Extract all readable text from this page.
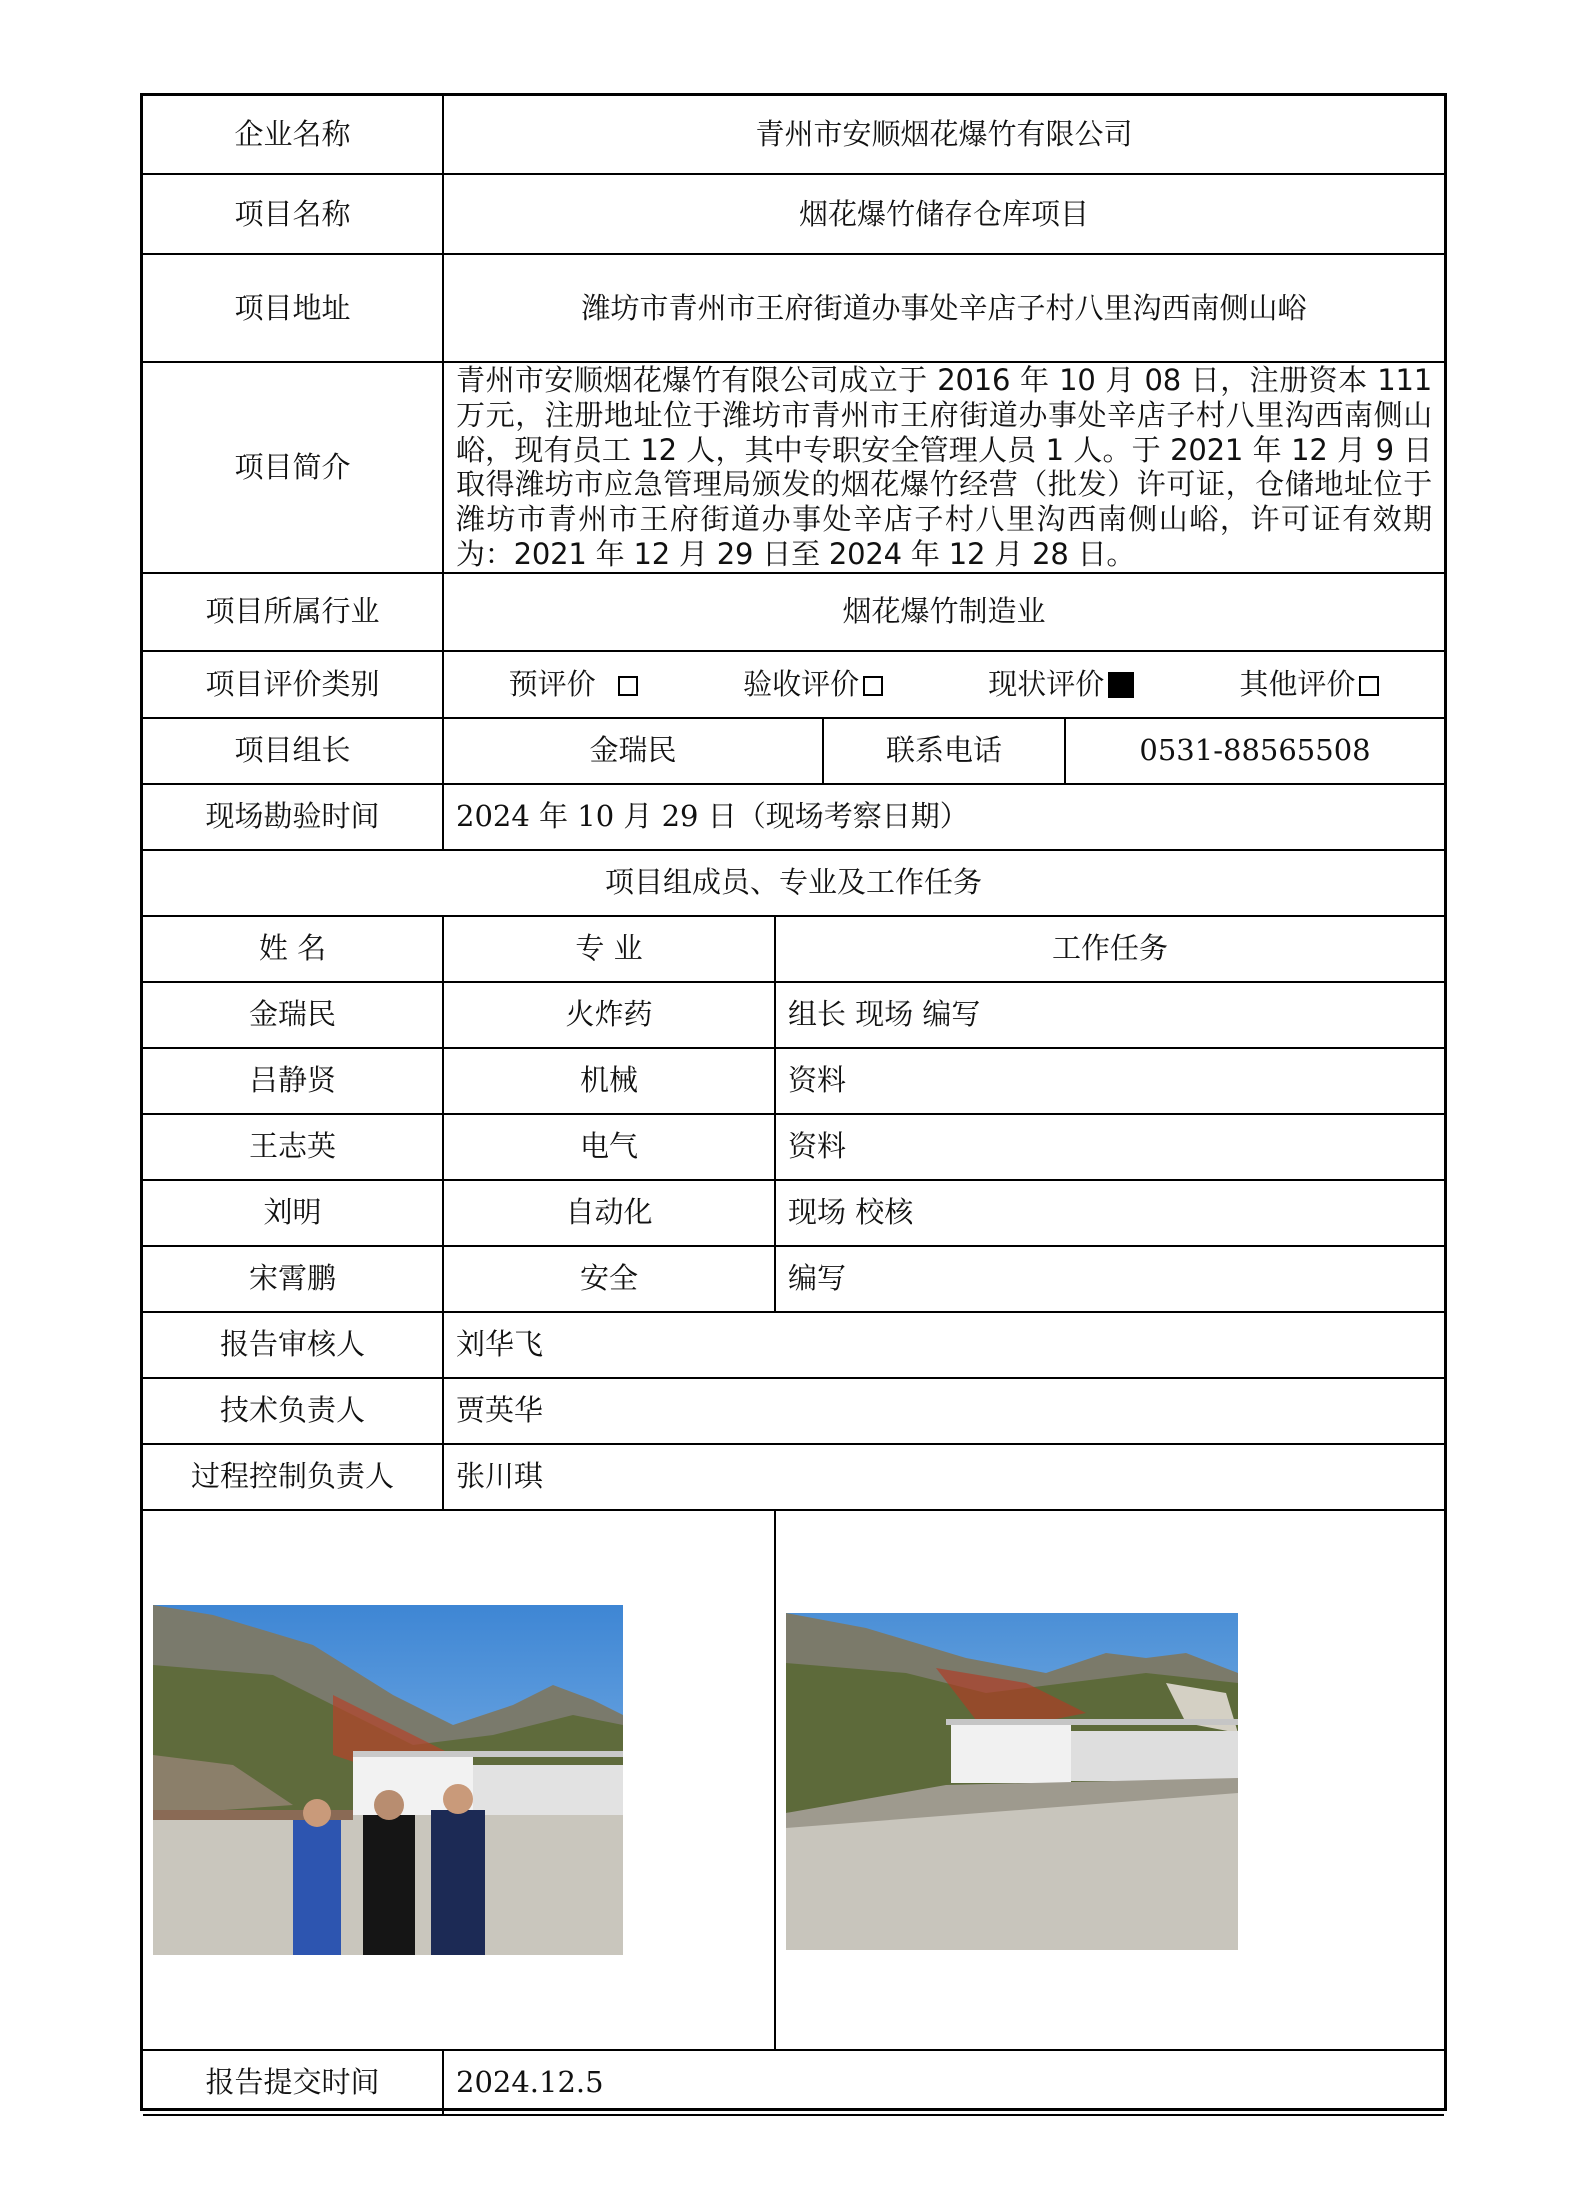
企业名称	青州市安顺烟花爆竹有限公司			
项目名称	烟花爆竹储存仓库项目			
项目地址	潍坊市青州市王府街道办事处辛店子村八里沟西南侧山峪			
项目简介	青州市安顺烟花爆竹有限公司成立于 2016 年 10 月 08 日，注册资本 111 万元，注册地址位于潍坊市青州市王府街道办事处辛店子村八里沟西南侧山峪，现有员工 12 人，其中专职安全管理人员 1 人。于 2021 年 12 月 9 日取得潍坊市应急管理局颁发的烟花爆竹经营（批发）许可证，仓储地址位于潍坊市青州市王府街道办事处辛店子村八里沟西南侧山峪，许可证有效期为：2021 年 12 月 29 日至 2024 年 12 月 28 日。			
项目所属行业	烟花爆竹制造业			
项目评价类别	预评价 验收评价 现状评价 其他评价			

项目组长	金瑞民		联系电话	0531-88565508
现场勘验时间	2024 年 10 月 29 日（现场考察日期）			
项目组成员、专业及工作任务				
姓 名	专 业	工作任务		
金瑞民	火炸药	组长 现场 编写		
吕静贤	机械	资料		
王志英	电气	资料		
刘明	自动化	现场 校核		
宋霄鹏	安全	编写		
报告审核人	刘华飞			
技术负责人	贾英华			
过程控制负责人	张川琪			

报告提交时间	2024.12.5			
